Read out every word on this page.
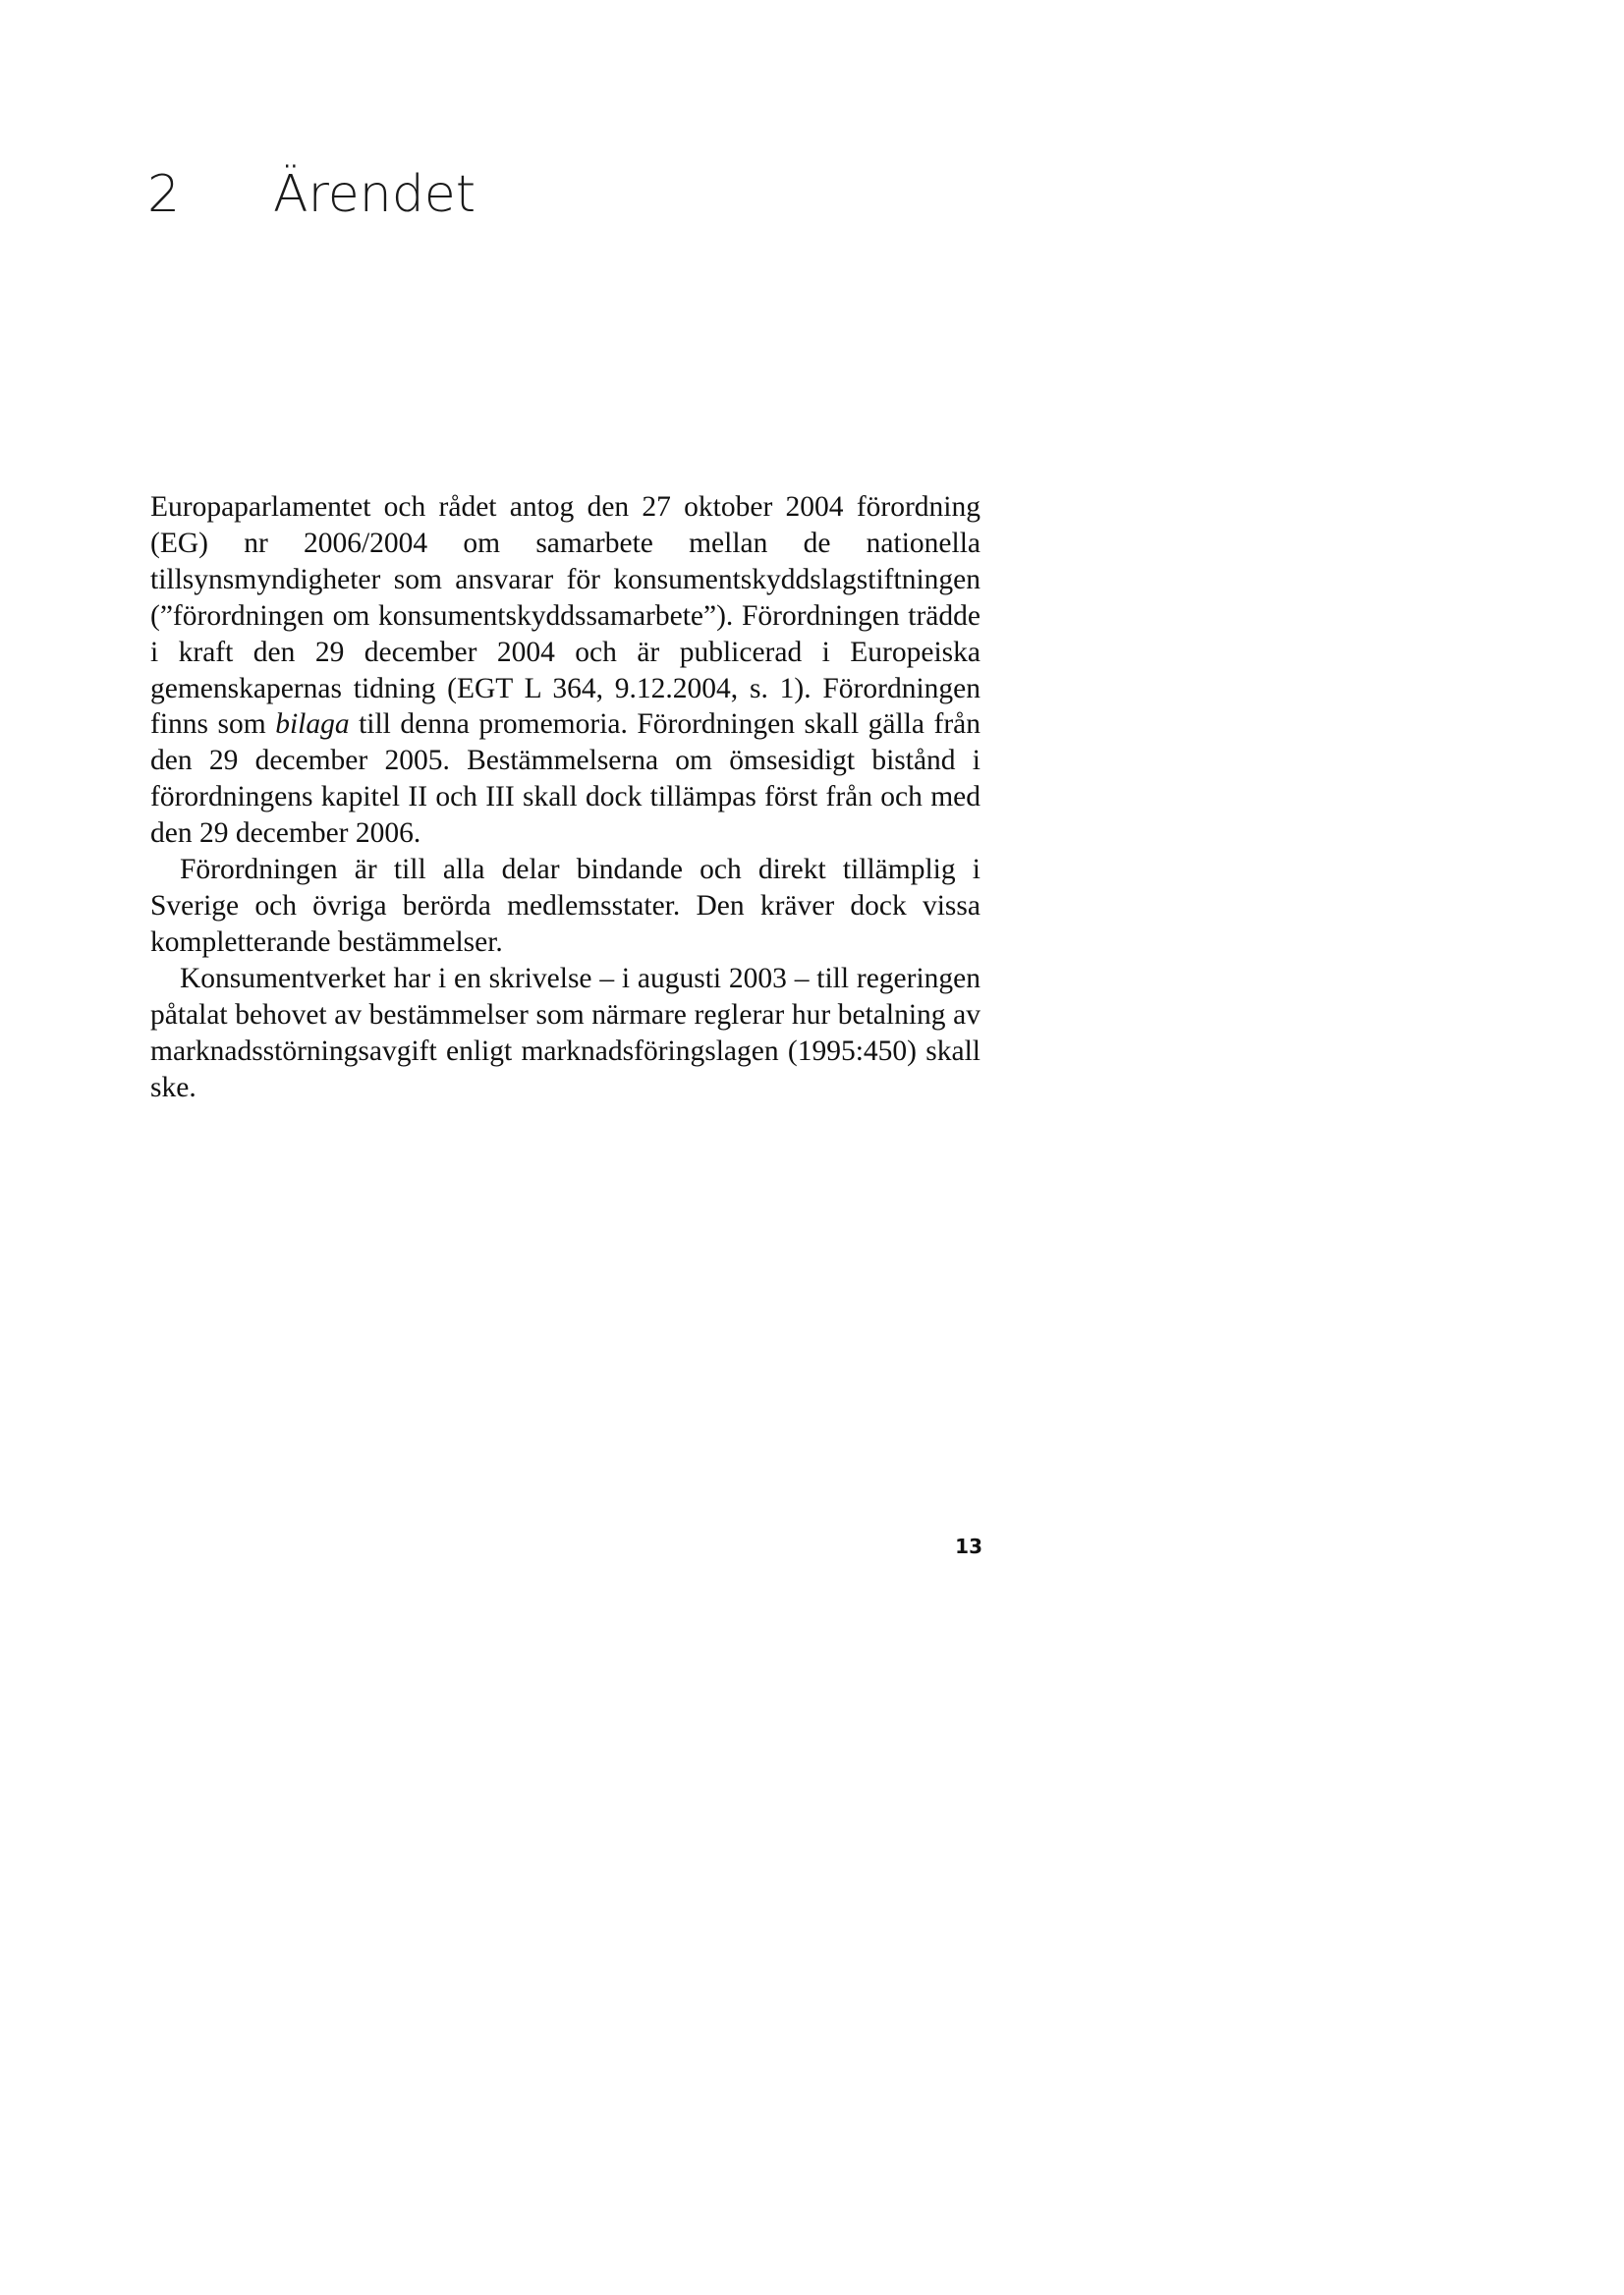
2 Ärendet

Europaparlamentet och rådet antog den 27 oktober 2004 förordning (EG) nr 2006/2004 om samarbete mellan de nationella tillsynsmyndigheter som ansvarar för konsumentskyddslagstiftningen (”förordningen om konsumentskyddssamarbete”). Förordningen trädde i kraft den 29 december 2004 och är publicerad i Europeiska gemenskapernas tidning (EGT L 364, 9.12.2004, s. 1). Förordningen finns som bilaga till denna promemoria. Förordningen skall gälla från den 29 december 2005. Bestämmelserna om ömsesidigt bistånd i förordningens kapitel II och III skall dock tillämpas först från och med den 29 december 2006.

Förordningen är till alla delar bindande och direkt tillämplig i Sverige och övriga berörda medlemsstater. Den kräver dock vissa kompletterande bestämmelser.

Konsumentverket har i en skrivelse – i augusti 2003 – till regeringen påtalat behovet av bestämmelser som närmare reglerar hur betalning av marknadsstörningsavgift enligt marknadsföringslagen (1995:450) skall ske.

13
